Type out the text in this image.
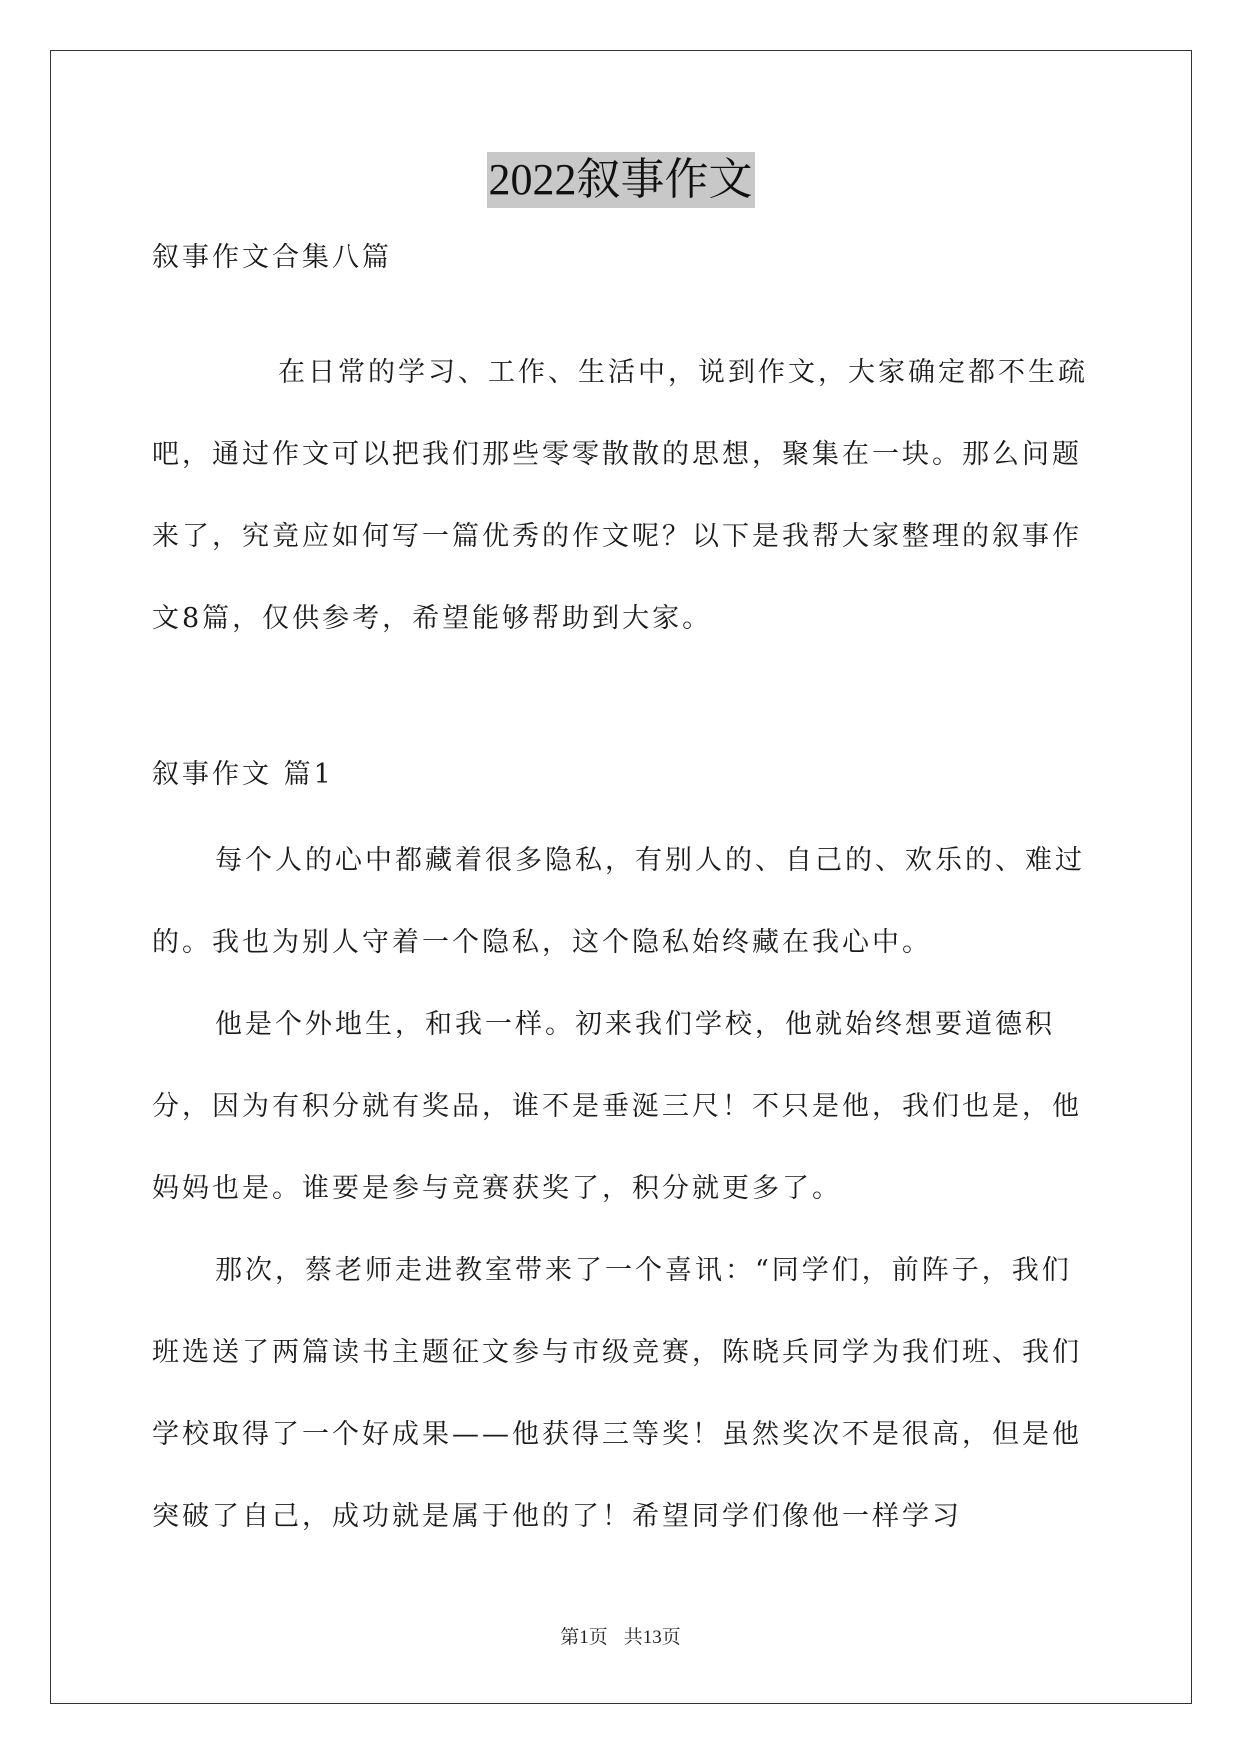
2022叙事作文
叙事作文合集八篇

在日常的学习、工作、生活中，说到作文，大家确定都不生疏吧，通过作文可以把我们那些零零散散的思想，聚集在一块。那么问题来了，究竟应如何写一篇优秀的作文呢？以下是我帮大家整理的叙事作文8篇，仅供参考，希望能够帮助到大家。

叙事作文 篇1

每个人的心中都藏着很多隐私，有别人的、自己的、欢乐的、难过的。我也为别人守着一个隐私，这个隐私始终藏在我心中。

他是个外地生，和我一样。初来我们学校，他就始终想要道德积分，因为有积分就有奖品，谁不是垂涎三尺！不只是他，我们也是，他妈妈也是。谁要是参与竞赛获奖了，积分就更多了。

那次，蔡老师走进教室带来了一个喜讯：“同学们，前阵子，我们班选送了两篇读书主题征文参与市级竞赛，陈晓兵同学为我们班、我们学校取得了一个好成果——他获得三等奖！虽然奖次不是很高，但是他突破了自己，成功就是属于他的了！希望同学们像他一样学习

第1页 共13页
